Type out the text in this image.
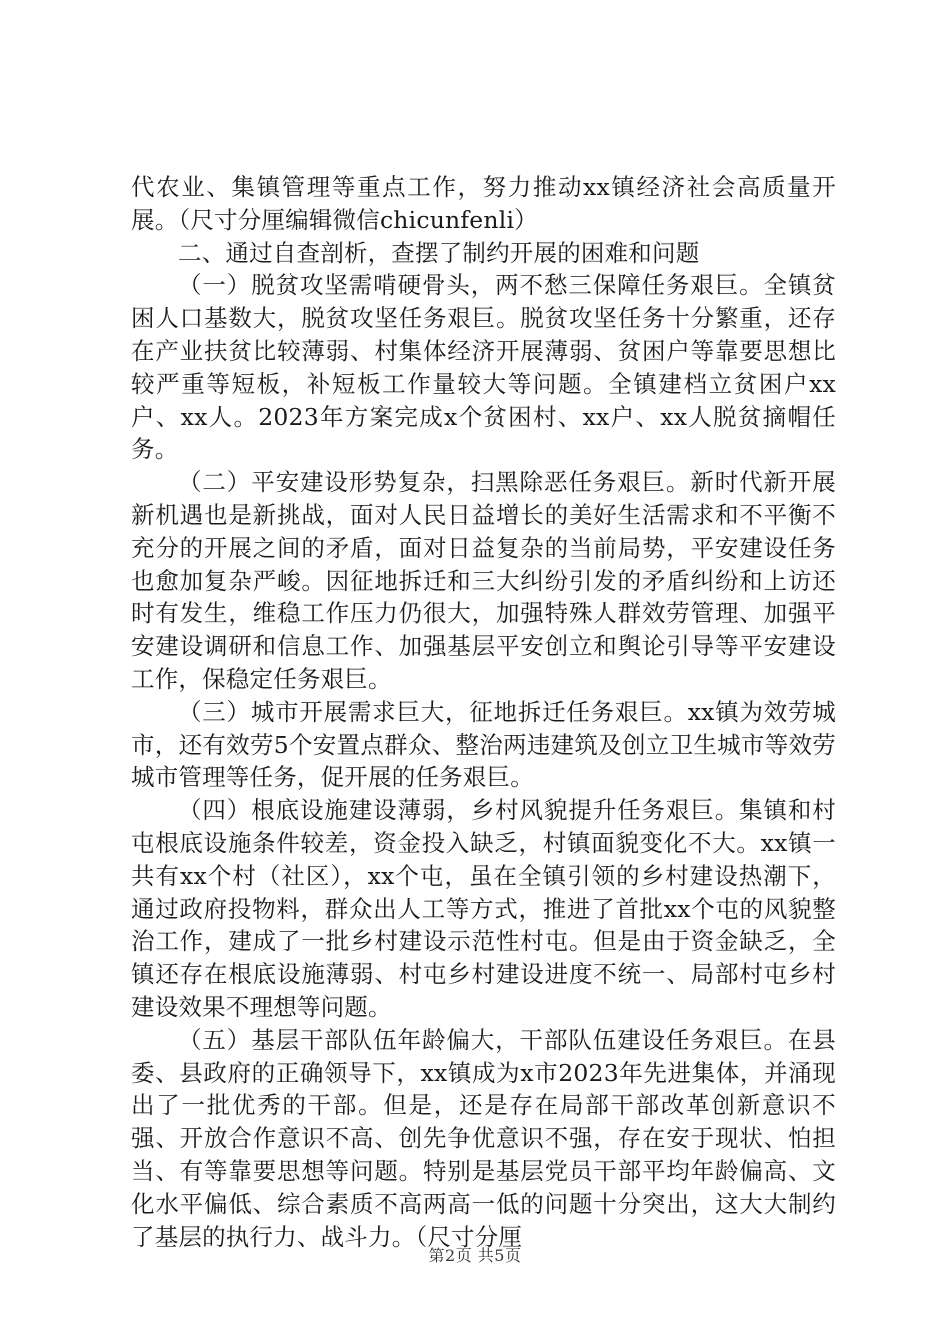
代农业、集镇管理等重点工作，努力推动xx镇经济社会高质量开展。（尺寸分厘编辑微信chicunfenli）

二、通过自查剖析，查摆了制约开展的困难和问题

（一）脱贫攻坚需啃硬骨头，两不愁三保障任务艰巨。全镇贫困人口基数大，脱贫攻坚任务艰巨。脱贫攻坚任务十分繁重，还存在产业扶贫比较薄弱、村集体经济开展薄弱、贫困户等靠要思想比较严重等短板，补短板工作量较大等问题。全镇建档立贫困户xx户、xx人。2023年方案完成x个贫困村、xx户、xx人脱贫摘帽任务。

（二）平安建设形势复杂，扫黑除恶任务艰巨。新时代新开展新机遇也是新挑战，面对人民日益增长的美好生活需求和不平衡不充分的开展之间的矛盾，面对日益复杂的当前局势，平安建设任务也愈加复杂严峻。因征地拆迁和三大纠纷引发的矛盾纠纷和上访还时有发生，维稳工作压力仍很大，加强特殊人群效劳管理、加强平安建设调研和信息工作、加强基层平安创立和舆论引导等平安建设工作，保稳定任务艰巨。

（三）城市开展需求巨大，征地拆迁任务艰巨。xx镇为效劳城市，还有效劳5个安置点群众、整治两违建筑及创立卫生城市等效劳城市管理等任务，促开展的任务艰巨。

（四）根底设施建设薄弱，乡村风貌提升任务艰巨。集镇和村屯根底设施条件较差，资金投入缺乏，村镇面貌变化不大。xx镇一共有xx个村（社区），xx个屯，虽在全镇引领的乡村建设热潮下，通过政府投物料，群众出人工等方式，推进了首批xx个屯的风貌整治工作，建成了一批乡村建设示范性村屯。但是由于资金缺乏，全镇还存在根底设施薄弱、村屯乡村建设进度不统一、局部村屯乡村建设效果不理想等问题。

（五）基层干部队伍年龄偏大，干部队伍建设任务艰巨。在县委、县政府的正确领导下，xx镇成为x市2023年先进集体，并涌现出了一批优秀的干部。但是，还是存在局部干部改革创新意识不强、开放合作意识不高、创先争优意识不强，存在安于现状、怕担当、有等靠要思想等问题。特别是基层党员干部平均年龄偏高、文化水平偏低、综合素质不高两高一低的问题十分突出，这大大制约了基层的执行力、战斗力。（尺寸分厘

第2页 共5页
